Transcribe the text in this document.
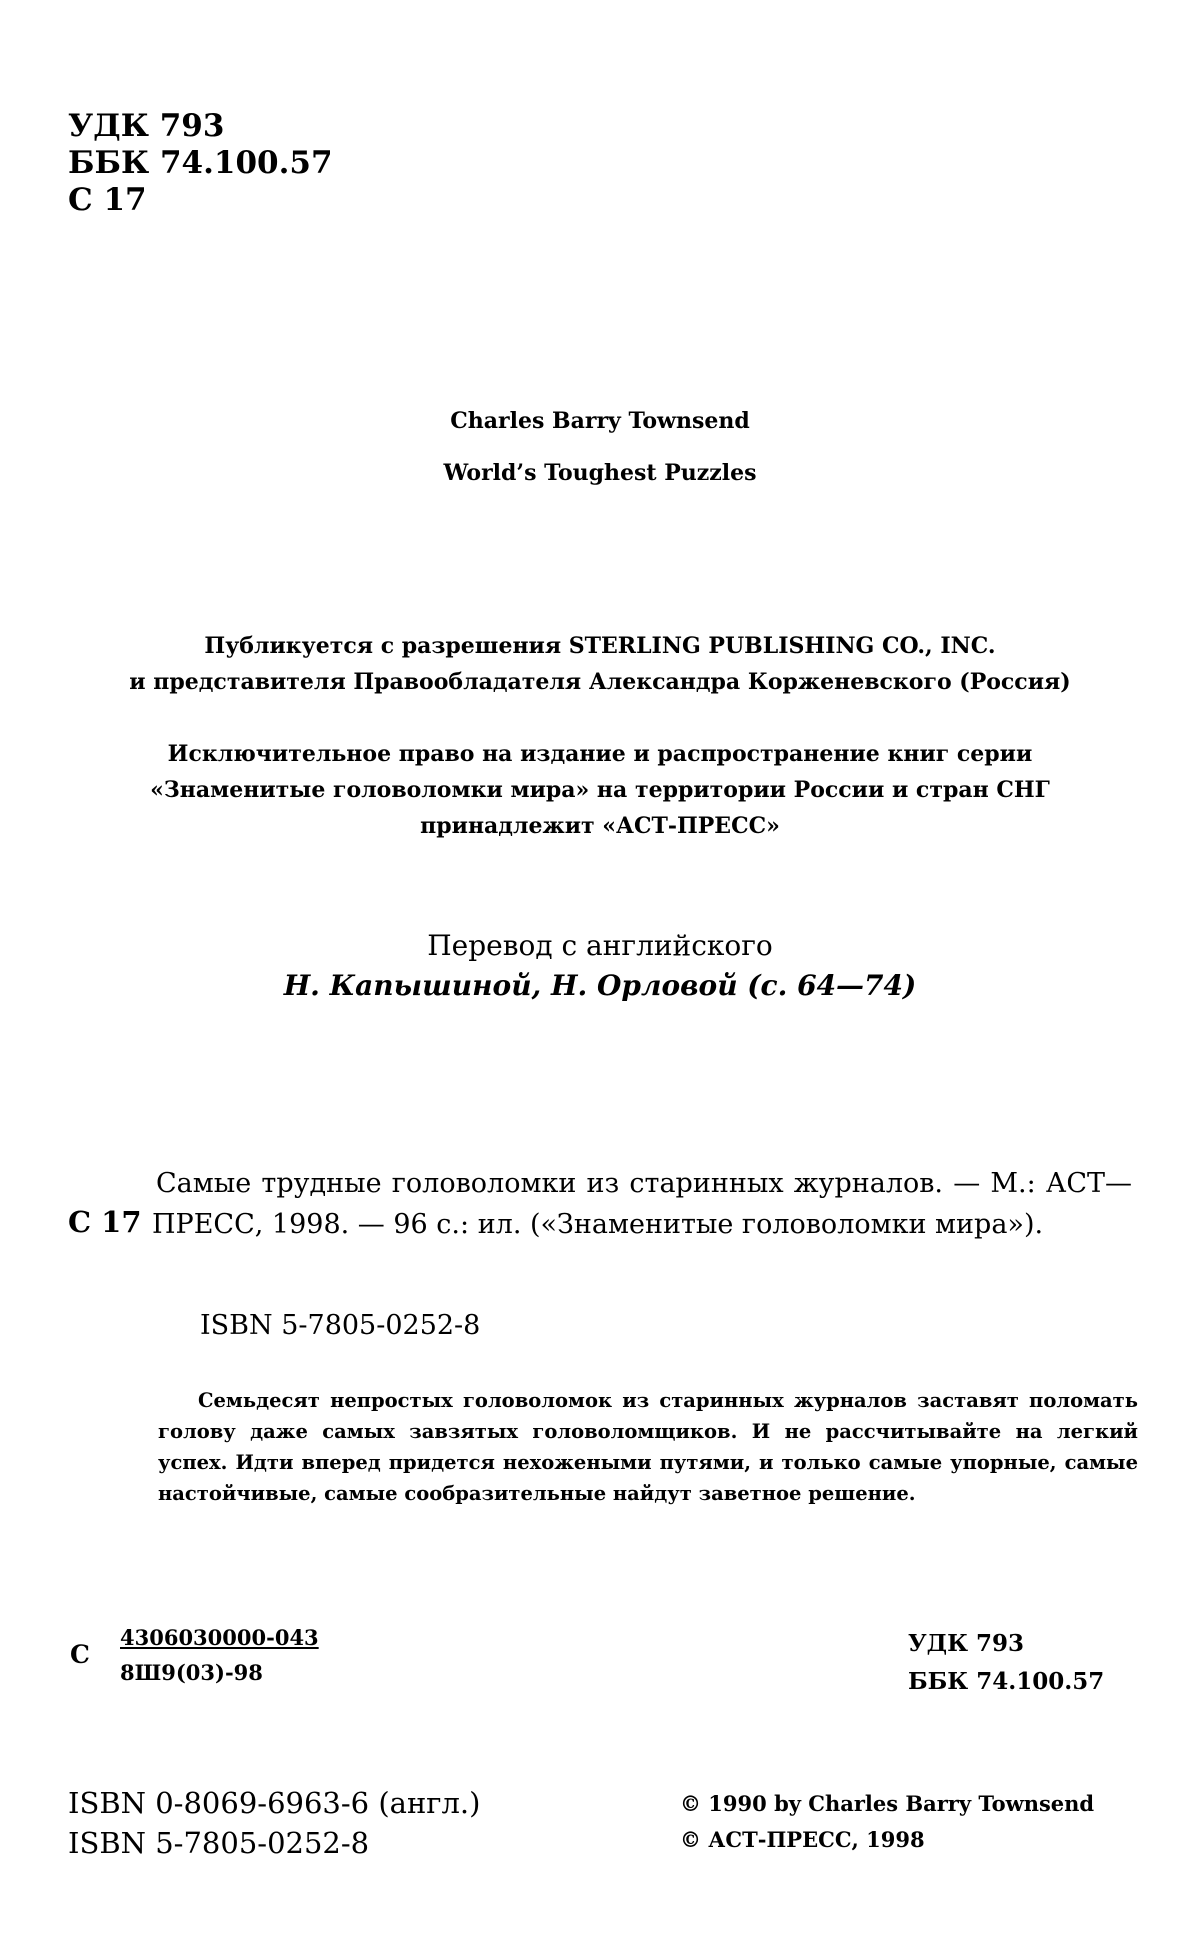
УДК 793
ББК 74.100.57
С 17
Charles Barry Townsend
World’s Toughest Puzzles
Публикуется с разрешения STERLING PUBLISHING CO., INC.
и представителя Правообладателя Александра Корженевского (Россия)
Исключительное право на издание и распространение книг серии
«Знаменитые головоломки мира» на территории России и стран СНГ
принадлежит «АСТ-ПРЕСС»
Перевод с английского
Н. Капышиной, Н. Орловой (с. 64—74)
С 17
Самые трудные головоломки из старинных журналов. — М.: АСТ—ПРЕСС, 1998. — 96 с.: ил. («Знаменитые головоломки мира»).
ISBN 5-7805-0252-8
Семьдесят непростых головоломок из старинных журналов заставят поломать голову даже самых завзятых головоломщиков. И не рассчитывайте на легкий успех. Идти вперед придется нехожеными путями, и только самые упорные, самые настойчивые, самые сообразительные найдут заветное решение.
С
4306030000-043
8Ш9(03)-98
УДК 793
ББК 74.100.57
ISBN 0-8069-6963-6 (англ.)
ISBN 5-7805-0252-8
© 1990 by Charles Barry Townsend
© АСТ-ПРЕСС, 1998
